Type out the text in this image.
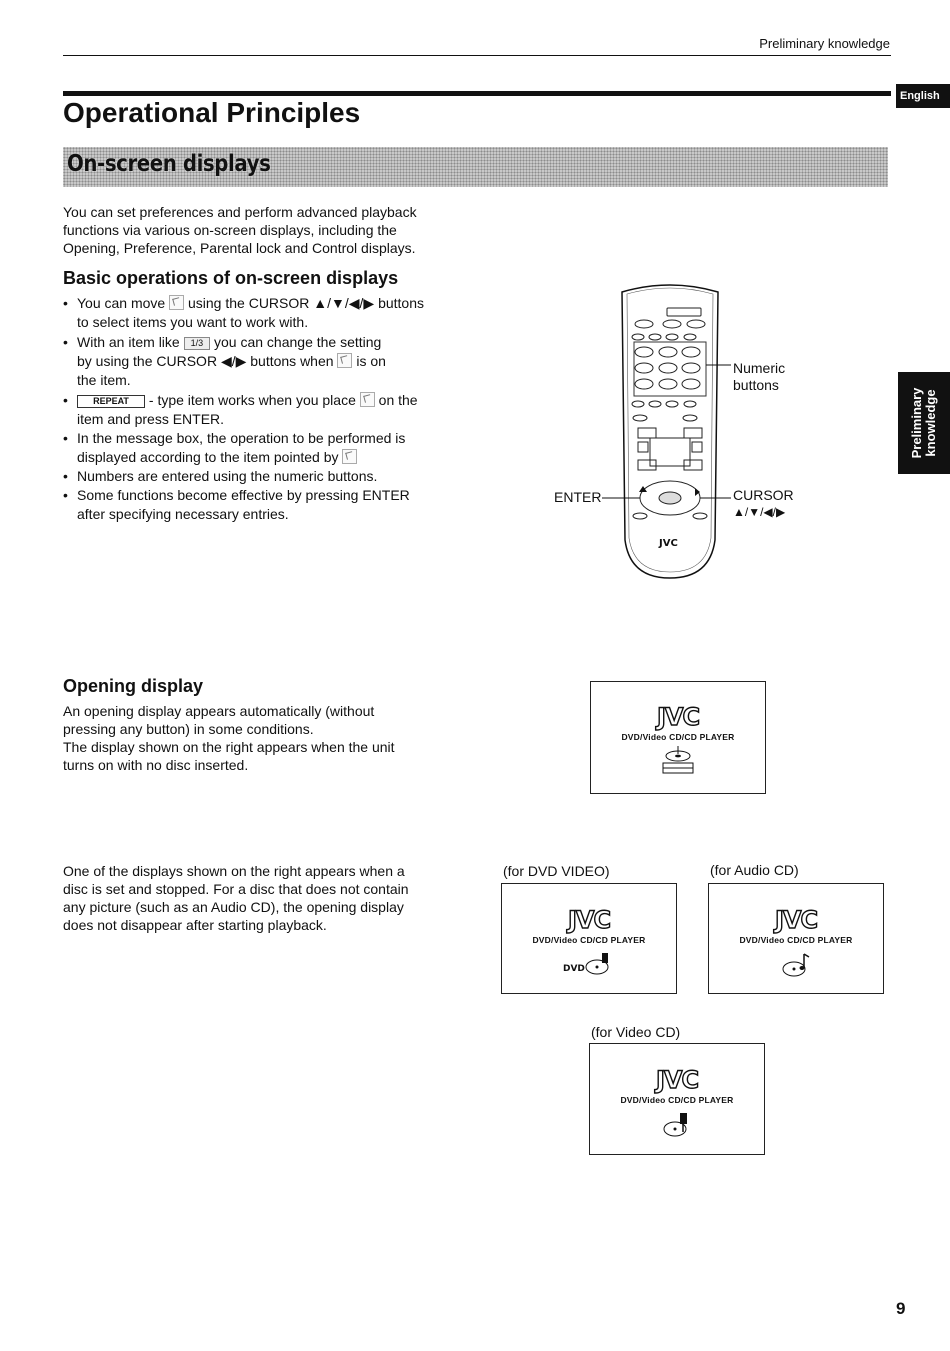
Preliminary knowledge
English
Preliminary knowledge
Operational Principles
On-screen displays
You can set preferences and perform advanced playback
functions via various on-screen displays, including the
Opening, Preference, Parental lock and Control displays.
Basic operations of on-screen displays
• You can move using the CURSOR ▲/▼/◀/▶ buttons
to select items you want to work with.
• With an item like 1/3 you can change the setting
by using the CURSOR ◀/▶ buttons when is on
the item.
• REPEAT - type item works when you place on the
item and press ENTER.
• In the message box, the operation to be performed is
displayed according to the item pointed by
• Numbers are entered using the numeric buttons.
• Some functions become effective by pressing ENTER
after specifying necessary entries.
JVC
Numeric
buttons
ENTER	CURSOR
▲/▼/◀/▶
Opening display
An opening display appears automatically (without
pressing any button) in some conditions.
The display shown on the right appears when the unit
turns on with no disc inserted.
JVC
DVD/Video CD/CD PLAYER
One of the displays shown on the right appears when a
disc is set and stopped. For a disc that does not contain
any picture (such as an Audio CD), the opening display
does not disappear after starting playback.
(for DVD VIDEO)	(for Audio CD)
JVC
DVD/Video CD/CD PLAYER
DVD
JVC
DVD/Video CD/CD PLAYER
(for Video CD)
JVC
DVD/Video CD/CD PLAYER
9
